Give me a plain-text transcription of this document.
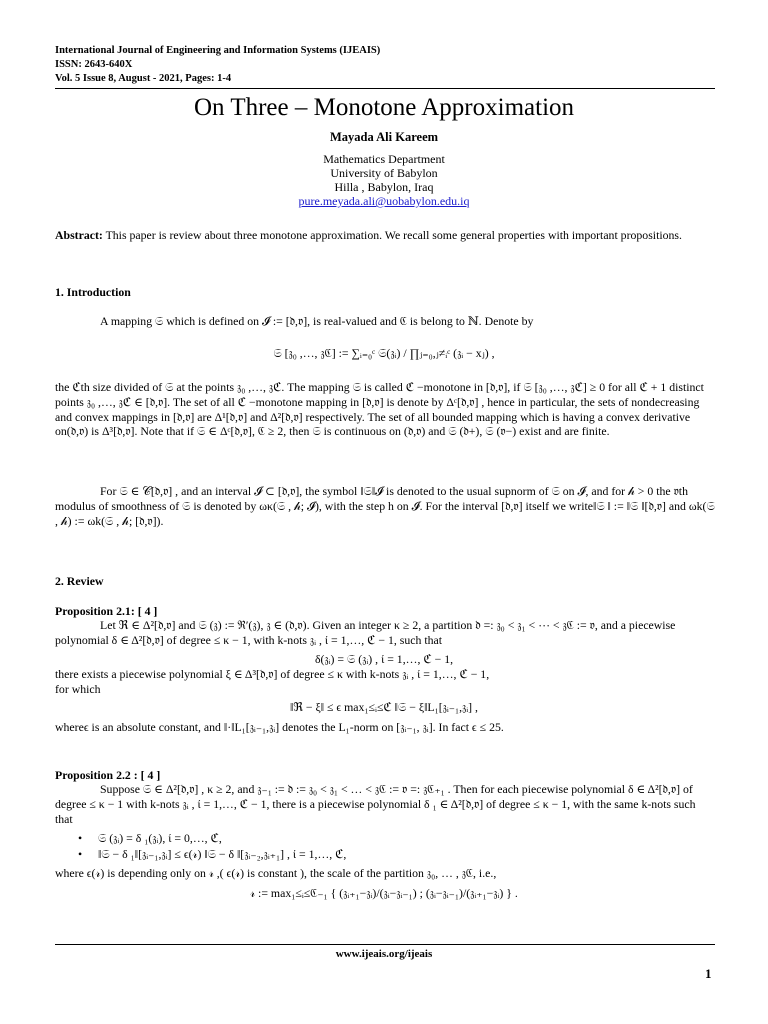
International Journal of Engineering and Information Systems (IJEAIS)
ISSN: 2643-640X
Vol. 5 Issue 8, August - 2021, Pages: 1-4
On Three – Monotone Approximation
Mayada Ali Kareem
Mathematics Department
University of Babylon
Hilla , Babylon, Iraq
pure.meyada.ali@uobabylon.edu.iq
Abstract: This paper is review about three monotone approximation. We recall some general properties with important propositions.
1. Introduction
A mapping 𝔖 which is defined on 𝓘 := [𝔡,𝔳], is real-valued and ℭ is belong to ℕ. Denote by
𝔖 [𝔷₀ ,…, 𝔷ℭ] := ∑ᵢ₌₀ᶜ 𝔖(𝔷ᵢ) / ∏ⱼ₌₀,ⱼ≠ᵢᶜ (𝔷ᵢ − xⱼ) ,
the ℭth size divided of 𝔖 at the points 𝔷₀ ,…, 𝔷ℭ. The mapping 𝔖 is called ℭ −monotone in [𝔡,𝔳], if 𝔖 [𝔷₀ ,…, 𝔷ℭ] ≥ 0 for all ℭ + 1 distinct points 𝔷₀ ,…, 𝔷ℭ ∈ [𝔡,𝔳]. The set of all ℭ −monotone mapping in [𝔡,𝔳] is denote by Δᶜ[𝔡,𝔳] , hence in particular, the sets of nondecreasing and convex mappings in [𝔡,𝔳] are Δ¹[𝔡,𝔳] and Δ²[𝔡,𝔳] respectively. The set of all bounded mapping which is having a convex derivative on(𝔡,𝔳) is Δ³[𝔡,𝔳]. Note that if 𝔖 ∈ Δᶜ[𝔡,𝔳], ℭ ≥ 2, then 𝔖 is continuous on (𝔡,𝔳) and 𝔖 (𝔡+), 𝔖 (𝔳−) exist and are finite.
For 𝔖 ∈ 𝒞[𝔡,𝔳] , and an interval 𝓘 ⊂ [𝔡,𝔳], the symbol ‖𝔖‖𝓘 is denoted to the usual supnorm of 𝔖 on 𝓘, and for 𝒽 > 0 the 𝔳th modulus of smoothness of 𝔖 is denoted by ωκ(𝔖 , 𝒽; 𝓘), with the step h on 𝓘. For the interval [𝔡,𝔳] itself we write‖𝔖 ‖ := ‖𝔖 ‖[𝔡,𝔳] and ωk(𝔖 , 𝒽) := ωk(𝔖 , 𝒽; [𝔡,𝔳]).
2. Review
Proposition 2.1: [ 4 ]
Let ℜ ∈ Δ²[𝔡,𝔳] and 𝔖 (𝔷) := ℜ′(𝔷), 𝔷 ∈ (𝔡,𝔳). Given an integer κ ≥ 2, a partition 𝔡 =: 𝔷₀ < 𝔷₁ < ⋯ < 𝔷ℭ := 𝔳, and a piecewise polynomial δ ∈ Δ²[𝔡,𝔳] of degree ≤ κ − 1, with k-nots 𝔷ᵢ , ί = 1,…, ℭ − 1, such that
δ(𝔷ᵢ) = 𝔖 (𝔷ᵢ) , ί = 1,…, ℭ − 1,
there exists a piecewise polynomial ξ ∈ Δ³[𝔡,𝔳] of degree ≤ κ with k-nots 𝔷ᵢ , ί = 1,…, ℭ − 1,
for which
‖ℜ − ξ‖ ≤ ϵ max₁≤ᵢ≤ℭ ‖𝔖 − ξ‖L₁[𝔷ᵢ₋₁,𝔷ᵢ] ,
whereϵ is an absolute constant, and ‖·‖L₁[𝔷ᵢ₋₁,𝔷ᵢ] denotes the L₁-norm on [𝔷ᵢ₋₁, 𝔷ᵢ]. In fact ϵ ≤ 25.
Proposition 2.2 : [ 4 ]
Suppose 𝔖 ∈ Δ²[𝔡,𝔳] , κ ≥ 2, and 𝔷₋₁ := 𝔡 := 𝔷₀ < 𝔷₁ < … < 𝔷ℭ := 𝔳 =: 𝔷ℭ₊₁ . Then for each piecewise polynomial δ ∈ Δ²[𝔡,𝔳] of degree ≤ κ − 1 with k-nots 𝔷ᵢ , ί = 1,…, ℭ − 1, there is a piecewise polynomial δ ₁ ∈ Δ²[𝔡,𝔳] of degree ≤ κ − 1, with the same k-nots such that
• 𝔖 (𝔷ᵢ) = δ ₁(𝔷ᵢ), ί = 0,…, ℭ,
• ‖𝔖 − δ ₁‖[𝔷ᵢ₋₁,𝔷ᵢ] ≤ ϵ(𝓇) ‖𝔖 − δ ‖[𝔷ᵢ₋₂,𝔷ᵢ₊₁] , ί = 1,…, ℭ,
where ϵ(𝓇) is depending only on 𝓇 ,( ϵ(𝓇) is constant ), the scale of the partition 𝔷₀, … , 𝔷ℭ, i.e.,
𝓇 := max₁≤ᵢ≤ℭ₋₁ { (𝔷ᵢ₊₁−𝔷ᵢ)/(𝔷ᵢ−𝔷ᵢ₋₁) ; (𝔷ᵢ−𝔷ᵢ₋₁)/(𝔷ᵢ₊₁−𝔷ᵢ) } .
www.ijeais.org/ijeais
1
